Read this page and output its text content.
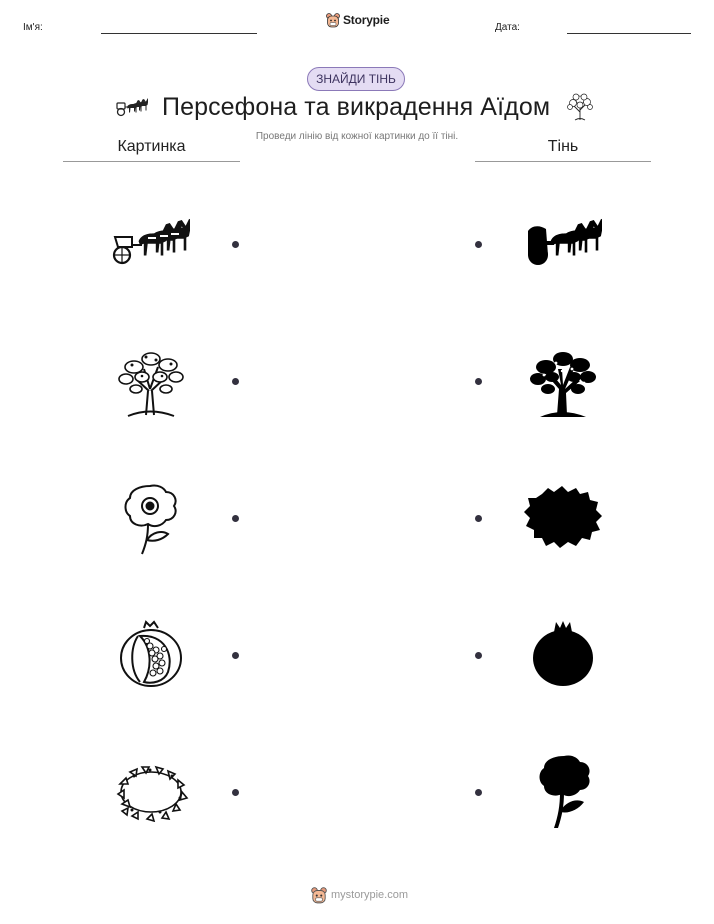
Ім'я:
Storypie
Дата:
ЗНАЙДИ ТІНЬ
Персефона та викрадення Аїдом
Проведи лінію від кожної картинки до її тіні.
Картинка	Тінь
mystorypie.com
